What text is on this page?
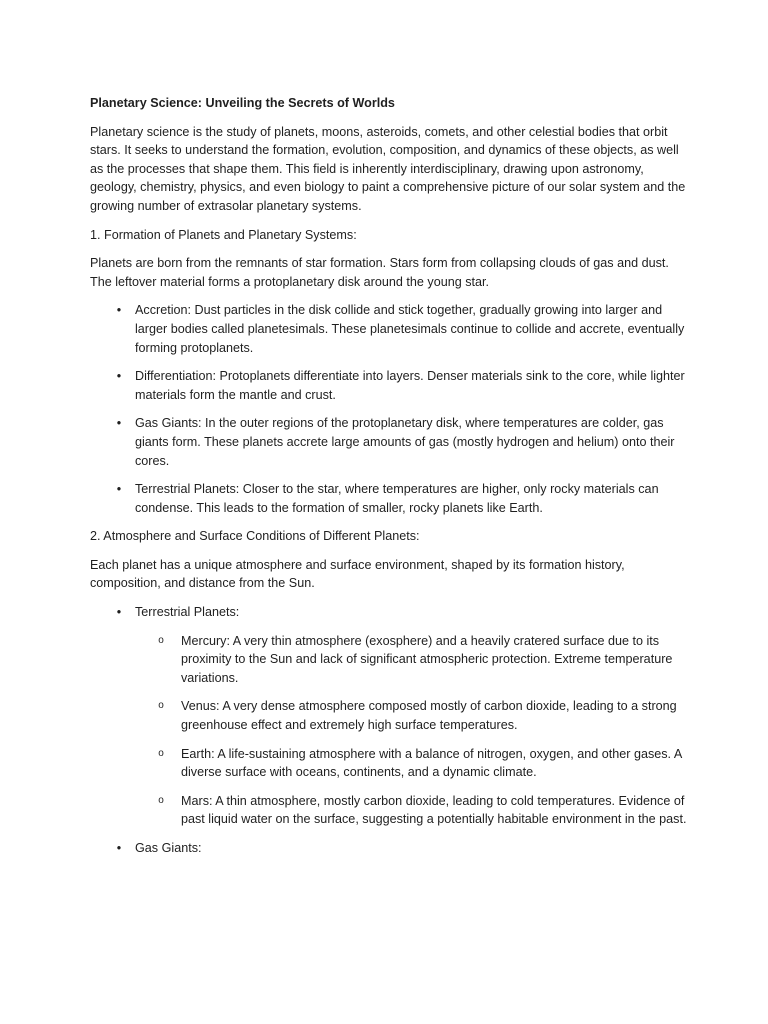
Planetary Science: Unveiling the Secrets of Worlds

Planetary science is the study of planets, moons, asteroids, comets, and other celestial bodies that orbit stars. It seeks to understand the formation, evolution, composition, and dynamics of these objects, as well as the processes that shape them. This field is inherently interdisciplinary, drawing upon astronomy, geology, chemistry, physics, and even biology to paint a comprehensive picture of our solar system and the growing number of extrasolar planetary systems.

1. Formation of Planets and Planetary Systems:

Planets are born from the remnants of star formation. Stars form from collapsing clouds of gas and dust. The leftover material forms a protoplanetary disk around the young star.

•	Accretion: Dust particles in the disk collide and stick together, gradually growing into larger and larger bodies called planetesimals. These planetesimals continue to collide and accrete, eventually forming protoplanets.
•	Differentiation: Protoplanets differentiate into layers. Denser materials sink to the core, while lighter materials form the mantle and crust.
•	Gas Giants: In the outer regions of the protoplanetary disk, where temperatures are colder, gas giants form. These planets accrete large amounts of gas (mostly hydrogen and helium) onto their cores.
•	Terrestrial Planets: Closer to the star, where temperatures are higher, only rocky materials can condense. This leads to the formation of smaller, rocky planets like Earth.

2. Atmosphere and Surface Conditions of Different Planets:

Each planet has a unique atmosphere and surface environment, shaped by its formation history, composition, and distance from the Sun.

•	Terrestrial Planets:
o Mercury: A very thin atmosphere (exosphere) and a heavily cratered surface due to its proximity to the Sun and lack of significant atmospheric protection. Extreme temperature variations.
o Venus: A very dense atmosphere composed mostly of carbon dioxide, leading to a strong greenhouse effect and extremely high surface temperatures.
o Earth: A life-sustaining atmosphere with a balance of nitrogen, oxygen, and other gases. A diverse surface with oceans, continents, and a dynamic climate.
o Mars: A thin atmosphere, mostly carbon dioxide, leading to cold temperatures. Evidence of past liquid water on the surface, suggesting a potentially habitable environment in the past.
•	Gas Giants:
